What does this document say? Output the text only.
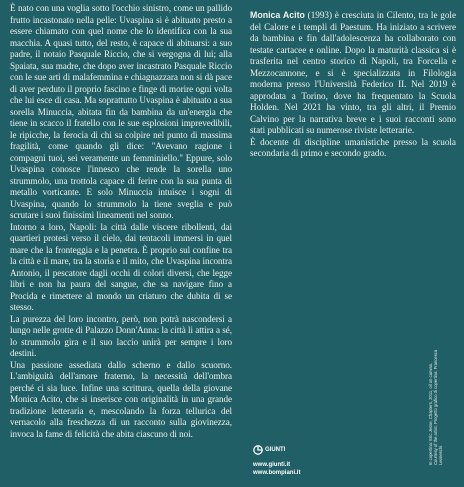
È nato con una voglia sotto l'occhio sinistro, come un pallido frutto incastonato nella pelle: Uvaspina si è abituato presto a essere chiamato con quel nome che lo identifica con la sua macchia. A quasi tutto, del resto, è capace di abituarsi: a suo padre, il notaio Pasquale Riccio, che si vergogna di lui; alla Spaiata, sua madre, che dopo aver incastrato Pasquale Riccio con le sue arti di malafemmina e chiagnazzara non si dà pace di aver perduto il proprio fascino e finge di morire ogni volta che lui esce di casa. Ma soprattutto Uvaspina è abituato a sua sorella Minuccia, abitata fin da bambina da un'energia che tiene in scacco il fratello con le sue esplosioni imprevedibili, le ripicche, la ferocia di chi sa colpire nel punto di massima fragilità, come quando gli dice: "Avevano ragione i compagni tuoi, sei veramente un femminiello." Eppure, solo Uvaspina conosce l'innesco che rende la sorella uno strummolo, una trottola capace di ferire con la sua punta di metallo vorticante. E solo Minuccia intuisce i sogni di Uvaspina, quando lo strummolo la tiene sveglia e può scrutare i suoi finissimi lineamenti nel sonno.

Intorno a loro, Napoli: la città dalle viscere ribollenti, dai quartieri protesi verso il cielo, dai tentacoli immersi in quel mare che la fronteggia e la penetra. È proprio sul confine tra la città e il mare, tra la storia e il mito, che Uvaspina incontra Antonio, il pescatore dagli occhi di colori diversi, che legge libri e non ha paura del sangue, che sa navigare fino a Procida e rimettere al mondo un criaturo che dubita di se stesso.

La purezza del loro incontro, però, non potrà nascondersi a lungo nelle grotte di Palazzo Donn'Anna: la città li attira a sé, lo strummolo gira e il suo laccio unirà per sempre i loro destini.

Una passione assediata dallo scherno e dallo scuorno. L'ambiguità dell'amore fraterno, la necessità dell'ombra perché ci sia luce. Infine una scrittura, quella della giovane Monica Acito, che si inserisce con originalità in una grande tradizione letteraria e, mescolando la forza tellurica del vernacolo alla freschezza di un racconto sulla giovinezza, invoca la fame di felicità che abita ciascuno di noi.

Monica Acito (1993) è cresciuta in Cilento, tra le gole del Calore e i templi di Paestum. Ha iniziato a scrivere da bambina e fin dall'adolescenza ha collaborato con testate cartacee e online. Dopo la maturità classica si è trasferita nel centro storico di Napoli, tra Forcella e Mezzocannone, e si è specializzata in Filologia moderna presso l'Università Federico II. Nel 2019 è approdata a Torino, dove ha frequentato la Scuola Holden. Nel 2021 ha vinto, tra gli altri, il Premio Calvino per la narrativa breve e i suoi racconti sono stati pubblicati su numerose riviste letterarie.

È docente di discipline umanistiche presso la scuola secondaria di primo e secondo grado.

In copertina: Eric Jesse, Chapters, 2011, oil on canvas. Courtesy of the artist. Progetto grafico di copertina: Francesca Leoneschi.
GIUNTI
www.giunti.it
www.bompiani.it
